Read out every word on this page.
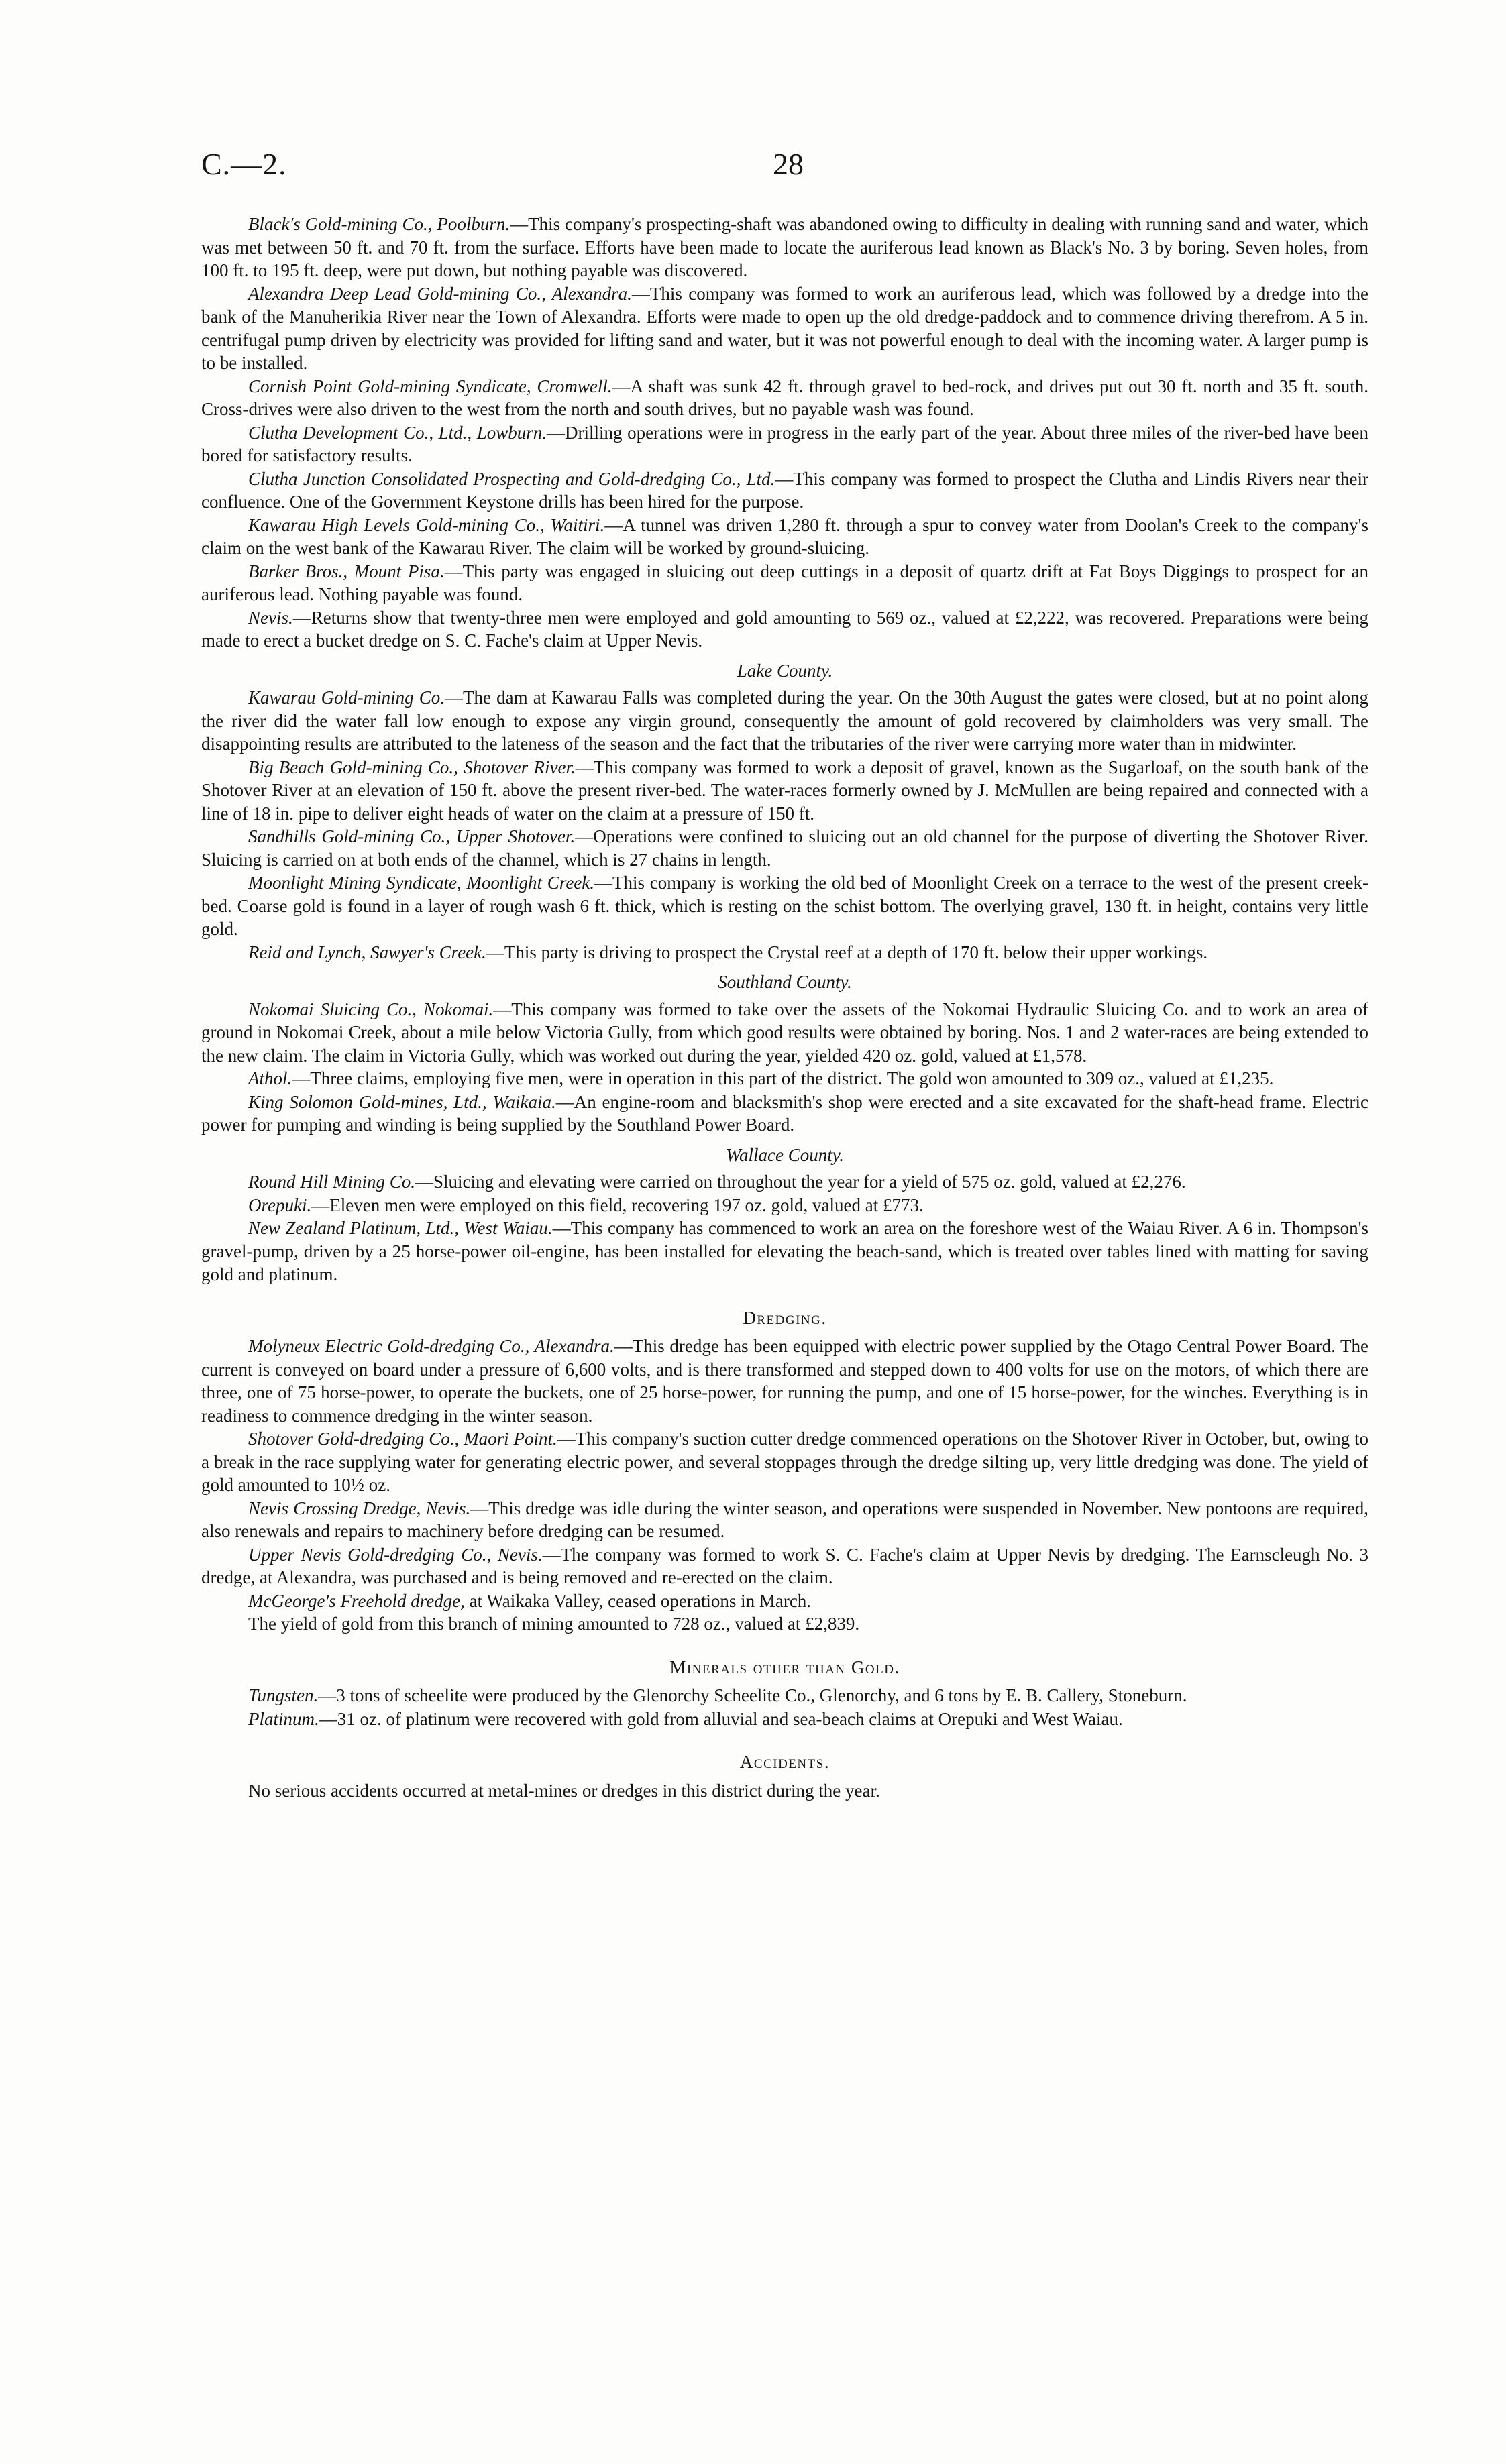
C.—2.	28

Black's Gold-mining Co., Poolburn.—This company's prospecting-shaft was abandoned owing to difficulty in dealing with running sand and water, which was met between 50 ft. and 70 ft. from the surface. Efforts have been made to locate the auriferous lead known as Black's No. 3 by boring. Seven holes, from 100 ft. to 195 ft. deep, were put down, but nothing payable was discovered.

Alexandra Deep Lead Gold-mining Co., Alexandra.—This company was formed to work an auriferous lead, which was followed by a dredge into the bank of the Manuherikia River near the Town of Alexandra. Efforts were made to open up the old dredge-paddock and to commence driving therefrom. A 5 in. centrifugal pump driven by electricity was provided for lifting sand and water, but it was not powerful enough to deal with the incoming water. A larger pump is to be installed.

Cornish Point Gold-mining Syndicate, Cromwell.—A shaft was sunk 42 ft. through gravel to bed-rock, and drives put out 30 ft. north and 35 ft. south. Cross-drives were also driven to the west from the north and south drives, but no payable wash was found.

Clutha Development Co., Ltd., Lowburn.—Drilling operations were in progress in the early part of the year. About three miles of the river-bed have been bored for satisfactory results.

Clutha Junction Consolidated Prospecting and Gold-dredging Co., Ltd.—This company was formed to prospect the Clutha and Lindis Rivers near their confluence. One of the Government Keystone drills has been hired for the purpose.

Kawarau High Levels Gold-mining Co., Waitiri.—A tunnel was driven 1,280 ft. through a spur to convey water from Doolan's Creek to the company's claim on the west bank of the Kawarau River. The claim will be worked by ground-sluicing.

Barker Bros., Mount Pisa.—This party was engaged in sluicing out deep cuttings in a deposit of quartz drift at Fat Boys Diggings to prospect for an auriferous lead. Nothing payable was found.

Nevis.—Returns show that twenty-three men were employed and gold amounting to 569 oz., valued at £2,222, was recovered. Preparations were being made to erect a bucket dredge on S. C. Fache's claim at Upper Nevis.

Lake County.

Kawarau Gold-mining Co.—The dam at Kawarau Falls was completed during the year. On the 30th August the gates were closed, but at no point along the river did the water fall low enough to expose any virgin ground, consequently the amount of gold recovered by claimholders was very small. The disappointing results are attributed to the lateness of the season and the fact that the tributaries of the river were carrying more water than in midwinter.

Big Beach Gold-mining Co., Shotover River.—This company was formed to work a deposit of gravel, known as the Sugarloaf, on the south bank of the Shotover River at an elevation of 150 ft. above the present river-bed. The water-races formerly owned by J. McMullen are being repaired and connected with a line of 18 in. pipe to deliver eight heads of water on the claim at a pressure of 150 ft.

Sandhills Gold-mining Co., Upper Shotover.—Operations were confined to sluicing out an old channel for the purpose of diverting the Shotover River. Sluicing is carried on at both ends of the channel, which is 27 chains in length.

Moonlight Mining Syndicate, Moonlight Creek.—This company is working the old bed of Moonlight Creek on a terrace to the west of the present creek-bed. Coarse gold is found in a layer of rough wash 6 ft. thick, which is resting on the schist bottom. The overlying gravel, 130 ft. in height, contains very little gold.

Reid and Lynch, Sawyer's Creek.—This party is driving to prospect the Crystal reef at a depth of 170 ft. below their upper workings.

Southland County.

Nokomai Sluicing Co., Nokomai.—This company was formed to take over the assets of the Nokomai Hydraulic Sluicing Co. and to work an area of ground in Nokomai Creek, about a mile below Victoria Gully, from which good results were obtained by boring. Nos. 1 and 2 water-races are being extended to the new claim. The claim in Victoria Gully, which was worked out during the year, yielded 420 oz. gold, valued at £1,578.

Athol.—Three claims, employing five men, were in operation in this part of the district. The gold won amounted to 309 oz., valued at £1,235.

King Solomon Gold-mines, Ltd., Waikaia.—An engine-room and blacksmith's shop were erected and a site excavated for the shaft-head frame. Electric power for pumping and winding is being supplied by the Southland Power Board.

Wallace County.

Round Hill Mining Co.—Sluicing and elevating were carried on throughout the year for a yield of 575 oz. gold, valued at £2,276.

Orepuki.—Eleven men were employed on this field, recovering 197 oz. gold, valued at £773.

New Zealand Platinum, Ltd., West Waiau.—This company has commenced to work an area on the foreshore west of the Waiau River. A 6 in. Thompson's gravel-pump, driven by a 25 horse-power oil-engine, has been installed for elevating the beach-sand, which is treated over tables lined with matting for saving gold and platinum.

Dredging.

Molyneux Electric Gold-dredging Co., Alexandra.—This dredge has been equipped with electric power supplied by the Otago Central Power Board. The current is conveyed on board under a pressure of 6,600 volts, and is there transformed and stepped down to 400 volts for use on the motors, of which there are three, one of 75 horse-power, to operate the buckets, one of 25 horse-power, for running the pump, and one of 15 horse-power, for the winches. Everything is in readiness to commence dredging in the winter season.

Shotover Gold-dredging Co., Maori Point.—This company's suction cutter dredge commenced operations on the Shotover River in October, but, owing to a break in the race supplying water for generating electric power, and several stoppages through the dredge silting up, very little dredging was done. The yield of gold amounted to 10½ oz.

Nevis Crossing Dredge, Nevis.—This dredge was idle during the winter season, and operations were suspended in November. New pontoons are required, also renewals and repairs to machinery before dredging can be resumed.

Upper Nevis Gold-dredging Co., Nevis.—The company was formed to work S. C. Fache's claim at Upper Nevis by dredging. The Earnscleugh No. 3 dredge, at Alexandra, was purchased and is being removed and re-erected on the claim.

McGeorge's Freehold dredge, at Waikaka Valley, ceased operations in March.

The yield of gold from this branch of mining amounted to 728 oz., valued at £2,839.

Minerals other than Gold.

Tungsten.—3 tons of scheelite were produced by the Glenorchy Scheelite Co., Glenorchy, and 6 tons by E. B. Callery, Stoneburn.

Platinum.—31 oz. of platinum were recovered with gold from alluvial and sea-beach claims at Orepuki and West Waiau.

Accidents.

No serious accidents occurred at metal-mines or dredges in this district during the year.
